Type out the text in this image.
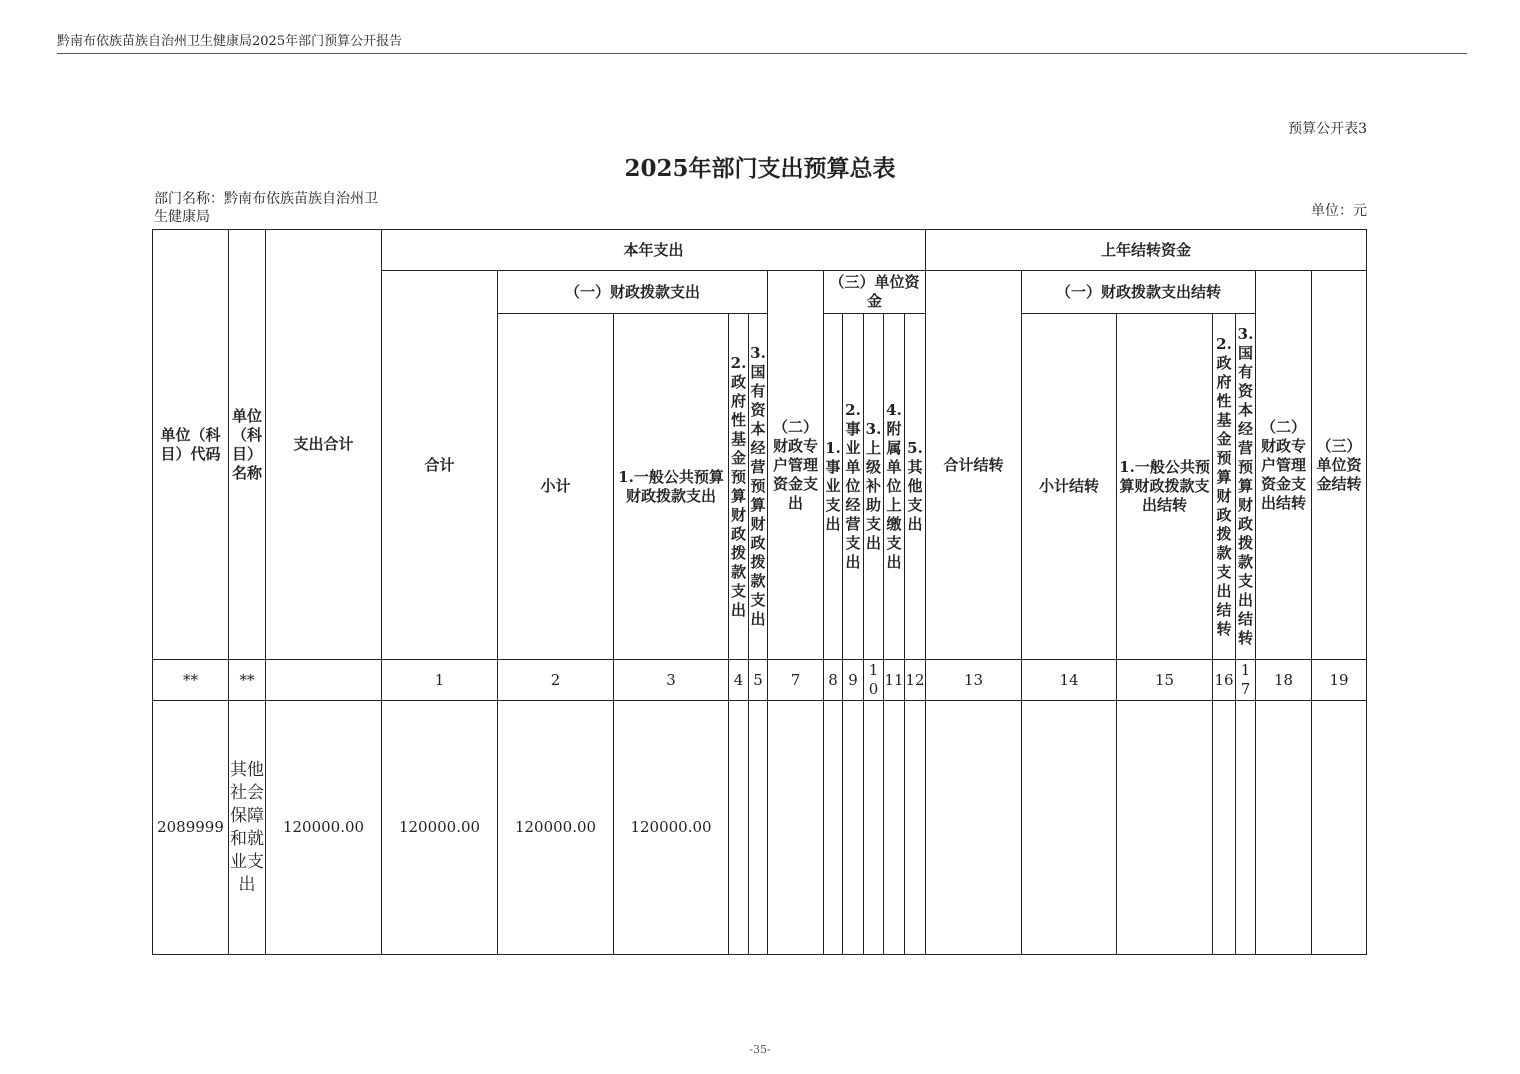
黔南布依族苗族自治州卫生健康局2025年部门预算公开报告
预算公开表3
2025年部门支出预算总表
部门名称：黔南布依族苗族自治州卫生健康局	单位：元
单位（科目）代码	单位（科目）名称	支出合计	本年支出											上年结转资金						
			合计	（一）财政拨款支出				（二）财政专户管理资金支出	（三）单位资金					合计结转	（一）财政拨款支出结转				（二）财政专户管理资金支出结转	（三）单位资金结转
				小计	1.一般公共预算财政拨款支出	2.政府性基金预算财政拨款支出	3.国有资本经营预算财政拨款支出		1.事业支出	2.事业单位经营支出	3.上级补助支出	4.附属单位上缴支出	5.其他支出		小计结转	1.一般公共预算财政拨款支出结转	2.政府性基金预算财政拨款支出结转	3.国有资本经营预算财政拨款支出结转		
**	**		1	2	3	4	5	7	8	9	10	11	12	13	14	15	16	17	18	19
2089999	其他社会保障和就业支出	120000.00	120000.00	120000.00	120000.00															
-35-
